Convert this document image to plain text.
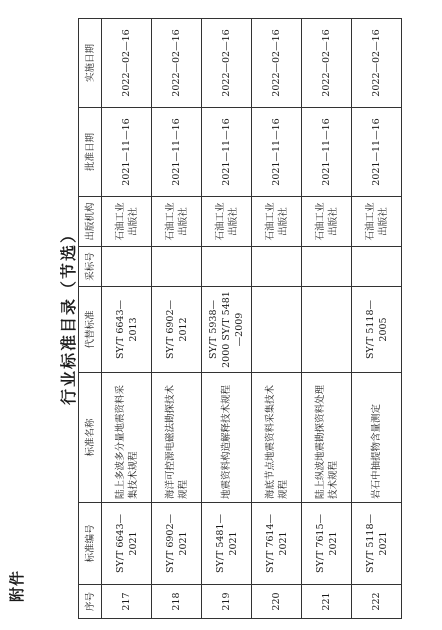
附件
行业标准目录（节选）
序号	标准编号	标准名称	代替标准	采标号	出版机构	批准日期	实施日期
217	SY/T 6643—2021	陆上多波多分量地震资料采集技术规程	SY/T 6643—2013		石油工业出版社	2021—11—16	2022—02—16
218	SY/T 6902—2021	海洋可控源电磁法勘探技术规程	SY/T 6902—2012		石油工业出版社	2021—11—16	2022—02—16
219	SY/T 5481—2021	地震资料构造解释技术规程	SY/T 5938—2000 SY/T 5481—2009		石油工业出版社	2021—11—16	2022—02—16
220	SY/T 7614—2021	海底节点地震资料采集技术规程			石油工业出版社	2021—11—16	2022—02—16
221	SY/T 7615—2021	陆上纵波地震勘探资料处理技术规程			石油工业出版社	2021—11—16	2022—02—16
222	SY/T 5118—2021	岩石中抽提物含量测定	SY/T 5118—2005		石油工业出版社	2021—11—16	2022—02—16
